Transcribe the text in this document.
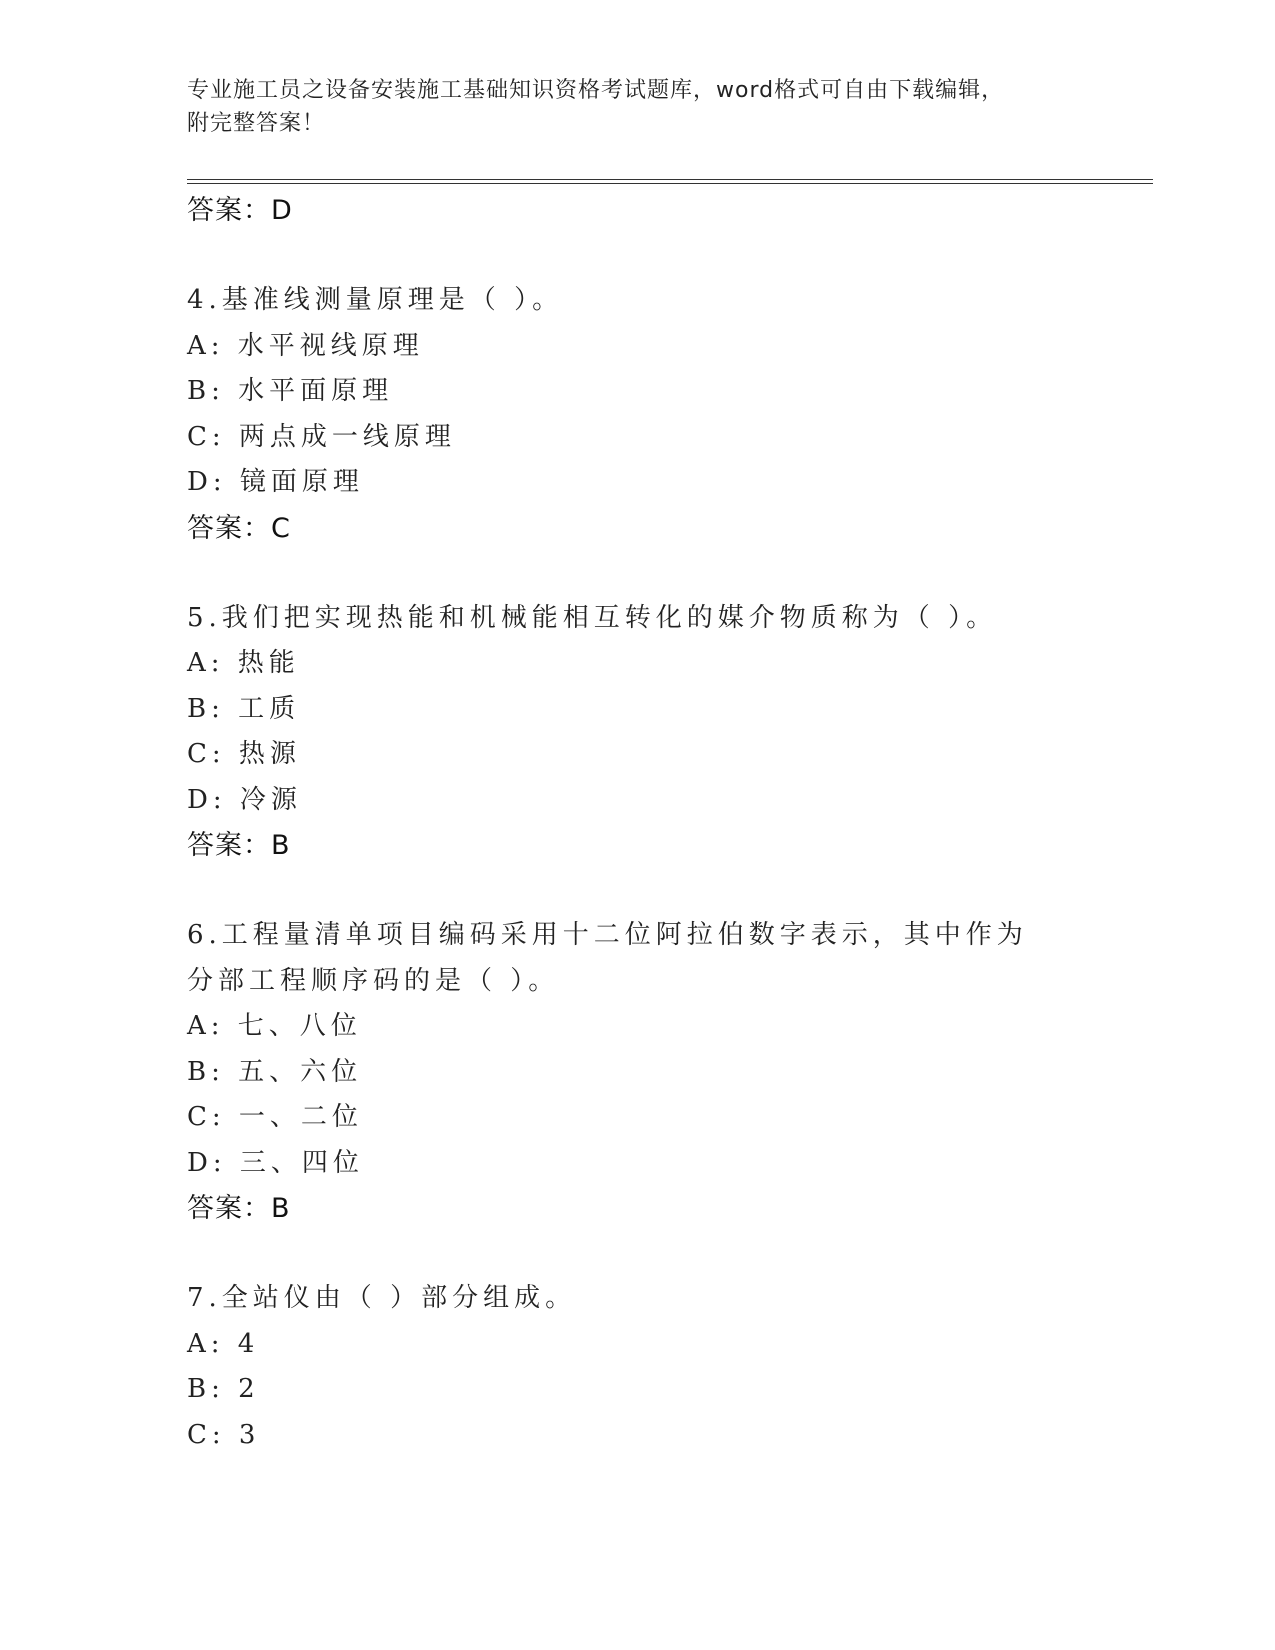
专业施工员之设备安装施工基础知识资格考试题库，word格式可自由下载编辑，
附完整答案！
答案：D
4.基准线测量原理是（ ）。
A: 水平视线原理
B: 水平面原理
C: 两点成一线原理
D: 镜面原理
答案：C
5.我们把实现热能和机械能相互转化的媒介物质称为（ ）。
A: 热能
B: 工质
C: 热源
D: 冷源
答案：B
6.工程量清单项目编码采用十二位阿拉伯数字表示，其中作为分部工程顺序码的是（ ）。
A: 七、八位
B: 五、六位
C: 一、二位
D: 三、四位
答案：B
7.全站仪由（ ）部分组成。
A: 4
B: 2
C: 3
